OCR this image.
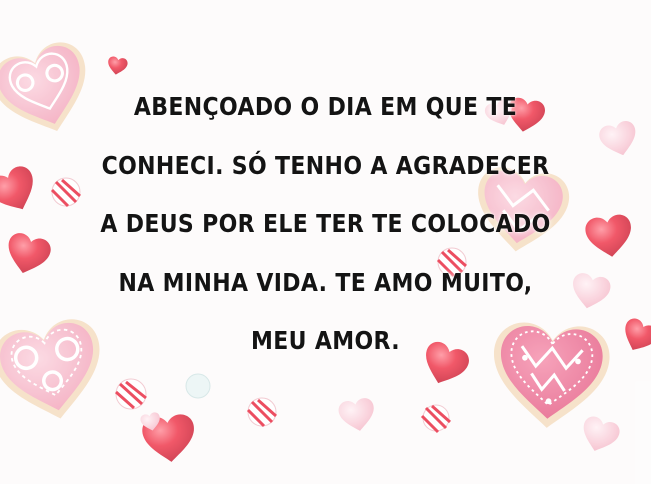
ABENÇOADO O DIA EM QUE TE
CONHECI. SÓ TENHO A AGRADECER
A DEUS POR ELE TER TE COLOCADO
NA MINHA VIDA. TE AMO MUITO,
MEU AMOR.
